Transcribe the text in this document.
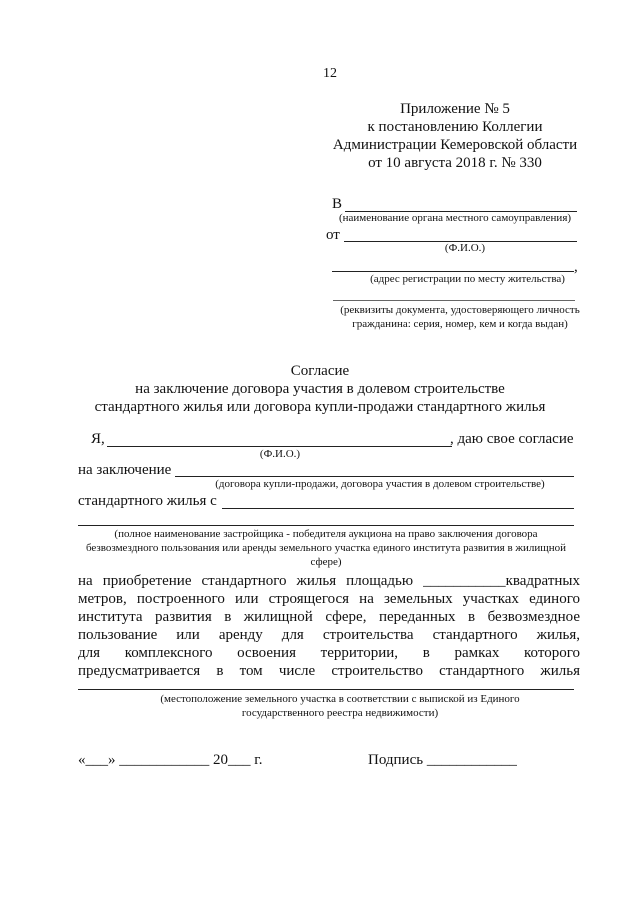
12
Приложение № 5
к постановлению Коллегии
Администрации Кемеровской области
от 10 августа 2018 г. № 330
В
(наименование органа местного самоуправления)
от
(Ф.И.О.)
,
(адрес регистрации по месту жительства)
(реквизиты документа, удостоверяющего личность гражданина: серия, номер, кем и когда выдан)
Согласие
на заключение договора участия в долевом строительстве
стандартного жилья или договора купли-продажи стандартного жилья
Я,	, даю свое согласие
(Ф.И.О.)
на заключение
(договора купли-продажи, договора участия в долевом строительстве)
стандартного жилья с
(полное наименование застройщика - победителя аукциона на право заключения договора безвозмездного пользования или аренды земельного участка единого института развития в жилищной сфере)
на приобретение стандартного жилья площадью ___________квадратных
метров, построенного или строящегося на земельных участках единого
института развития в жилищной сфере, переданных в безвозмездное
пользование или аренду для строительства стандартного жилья,
для комплексного освоения территории, в рамках которого
предусматривается в том числе строительство стандартного жилья
(местоположение земельного участка в соответствии с выпиской из Единого государственного реестра недвижимости)
«___» ____________ 20___ г.	Подпись ____________
